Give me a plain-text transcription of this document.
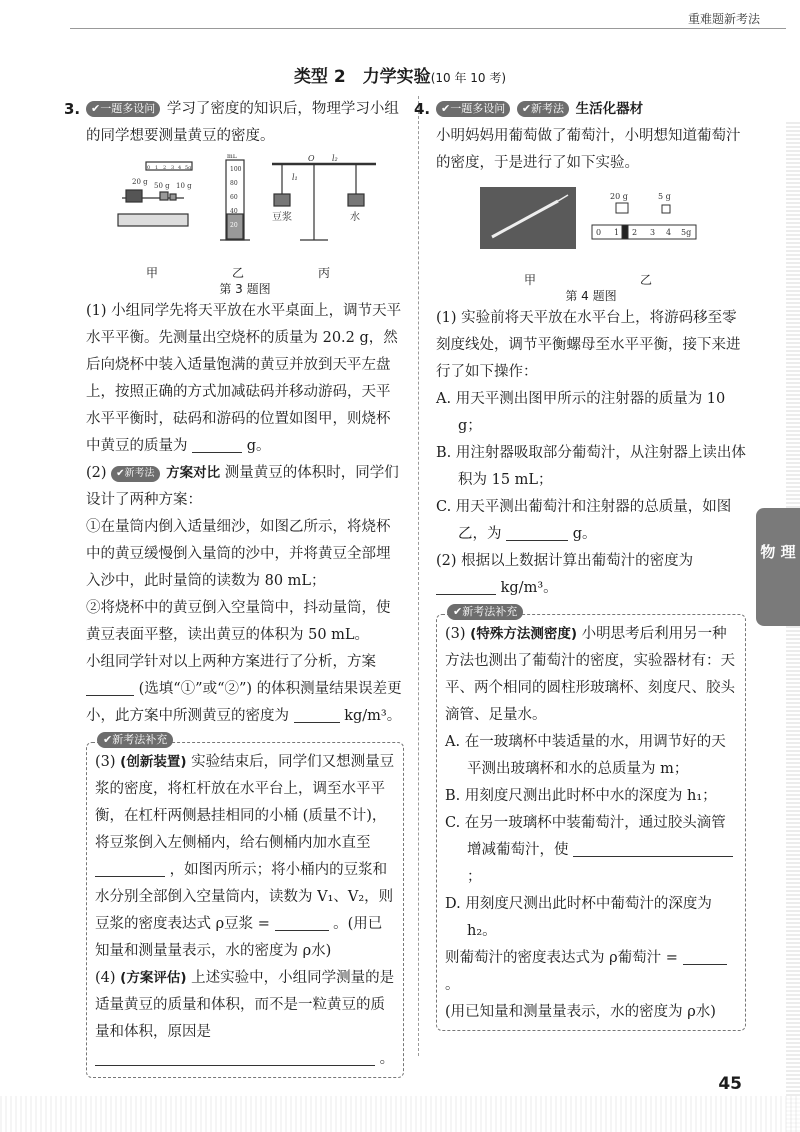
重难题新考法
类型 2　力学实验(10 年 10 考)
3. ✔一题多设问 学习了密度的知识后，物理学习小组的同学想要测量黄豆的密度。
50 g 10 g
20 g
0 1 2 3 4 5g
mL
100
80
60
40
20
O l₂
l₁
豆浆	水
甲	乙	丙
第 3 题图
(1) 小组同学先将天平放在水平桌面上，调节天平水平平衡。先测量出空烧杯的质量为 20.2 g，然后向烧杯中装入适量饱满的黄豆并放到天平左盘上，按照正确的方式加减砝码并移动游码，天平水平平衡时，砝码和游码的位置如图甲，则烧杯中黄豆的质量为	g。
(2) ✔新考法 方案对比 测量黄豆的体积时，同学们设计了两种方案：
①在量筒内倒入适量细沙，如图乙所示，将烧杯中的黄豆缓慢倒入量筒的沙中，并将黄豆全部埋入沙中，此时量筒的读数为 80 mL；
②将烧杯中的黄豆倒入空量筒中，抖动量筒，使黄豆表面平整，读出黄豆的体积为 50 mL。
小组同学针对以上两种方案进行了分析，方案  (选填“①”或“②”) 的体积测量结果误差更小，此方案中所测黄豆的密度为	kg/m³。
✔新考法补充
(3) (创新装置) 实验结束后，同学们又想测量豆浆的密度，将杠杆放在水平台上，调至水平平衡，在杠杆两侧悬挂相同的小桶 (质量不计)，将豆浆倒入左侧桶内，给右侧桶内加水直至  ，如图丙所示；将小桶内的豆浆和水分别全部倒入空量筒内，读数为 V₁、V₂，则豆浆的密度表达式 ρ豆浆 =	。(用已知量和测量量表示，水的密度为 ρ水)
(4) (方案评估) 上述实验中，小组同学测量的是适量黄豆的质量和体积，而不是一粒黄豆的质量和体积，原因是  。
4. ✔一题多设问 ✔新考法 生活化器材
小明妈妈用葡萄做了葡萄汁，小明想知道葡萄汁的密度，于是进行了如下实验。
20 g	5 g
0 1 2 3 4 5g
甲	乙
第 4 题图
(1) 实验前将天平放在水平台上，将游码移至零刻度线处，调节平衡螺母至水平平衡，接下来进行了如下操作：
A. 用天平测出图甲所示的注射器的质量为 10 g；
B. 用注射器吸取部分葡萄汁，从注射器上读出体积为 15 mL；
C. 用天平测出葡萄汁和注射器的总质量，如图乙，为	g。
(2) 根据以上数据计算出葡萄汁的密度为  kg/m³。
✔新考法补充
(3) (特殊方法测密度) 小明思考后利用另一种方法也测出了葡萄汁的密度，实验器材有：天平、两个相同的圆柱形玻璃杯、刻度尺、胶头滴管、足量水。
A. 在一玻璃杯中装适量的水，用调节好的天平测出玻璃杯和水的总质量为 m；
B. 用刻度尺测出此时杯中水的深度为 h₁；
C. 在另一玻璃杯中装葡萄汁，通过胶头滴管增减葡萄汁，使  ；
D. 用刻度尺测出此时杯中葡萄汁的深度为 h₂。
则葡萄汁的密度表达式为 ρ葡萄汁 =  。
(用已知量和测量量表示，水的密度为 ρ水)
物 理
45
